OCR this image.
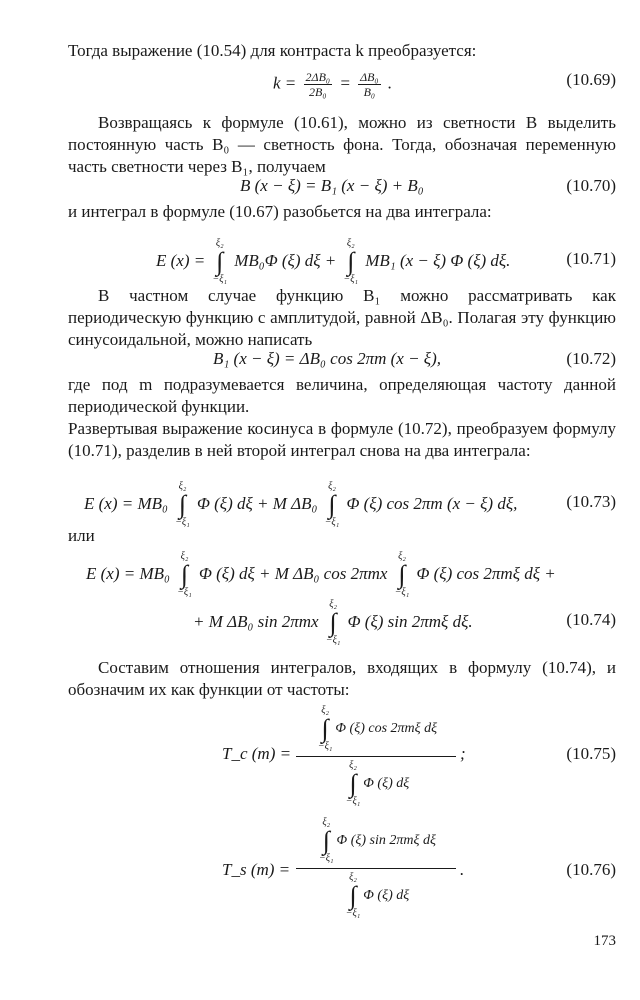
Тогда выражение (10.54) для контраста k преобразуется:

$k = \frac{\text{2ΔB₀}}{\text{2B₀}} = \frac{\text{ΔB₀}}{\text{B₀}}$ .	(10.69)

Возвращаясь к формуле (10.61), можно из светности B выделить постоянную часть B₀ — светность фона. Тогда, обозначая переменную часть светности через B₁, получаем

B (x − ξ) = B₁ (x − ξ) + B₀	(10.70)

и интеграл в формуле (10.67) разобьется на два интеграла:

E (x) = ξ₂
∫
−ξ₁ MB₀Φ (ξ) dξ + ξ₂
∫
−ξ₁ MB₁ (x − ξ) Φ (ξ) dξ.	(10.71)

В частном случае функцию B₁ можно рассматривать как периодическую функцию с амплитудой, равной ΔB₀. Полагая эту функцию синусоидальной, можно написать

B₁ (x − ξ) = ΔB₀ cos 2πm (x − ξ),	(10.72)

где под m подразумевается величина, определяющая частоту данной периодической функции.

Развертывая выражение косинуса в формуле (10.72), преобразуем формулу (10.71), разделив в ней второй интеграл снова на два интеграла:

E (x) = MB₀ ξ₂
∫
−ξ₁ Φ (ξ) dξ + M ΔB₀ ξ₂
∫
−ξ₁ Φ (ξ) cos 2πm (x − ξ) dξ,	(10.73)

или

E (x) = MB₀ ξ₂
∫
−ξ₁ Φ (ξ) dξ + M ΔB₀ cos 2πmx ξ₂
∫
−ξ₁ Φ (ξ) cos 2πmξ dξ +
+ M ΔB₀ sin 2πmx ξ₂
∫
−ξ₁ Φ (ξ) sin 2πmξ dξ.	(10.74)

Составим отношения интегралов, входящих в формулу (10.74), и обозначим их как функции от частоты:

T_c (m) =
ξ₂
∫
−ξ₁Φ (ξ) cos 2πmξ dξ
ξ₂
∫
−ξ₁Φ (ξ) dξ
;	(10.75)
T_s (m) =
ξ₂
∫
−ξ₁Φ (ξ) sin 2πmξ dξ
ξ₂
∫
−ξ₁Φ (ξ) dξ
.	(10.76)
173
